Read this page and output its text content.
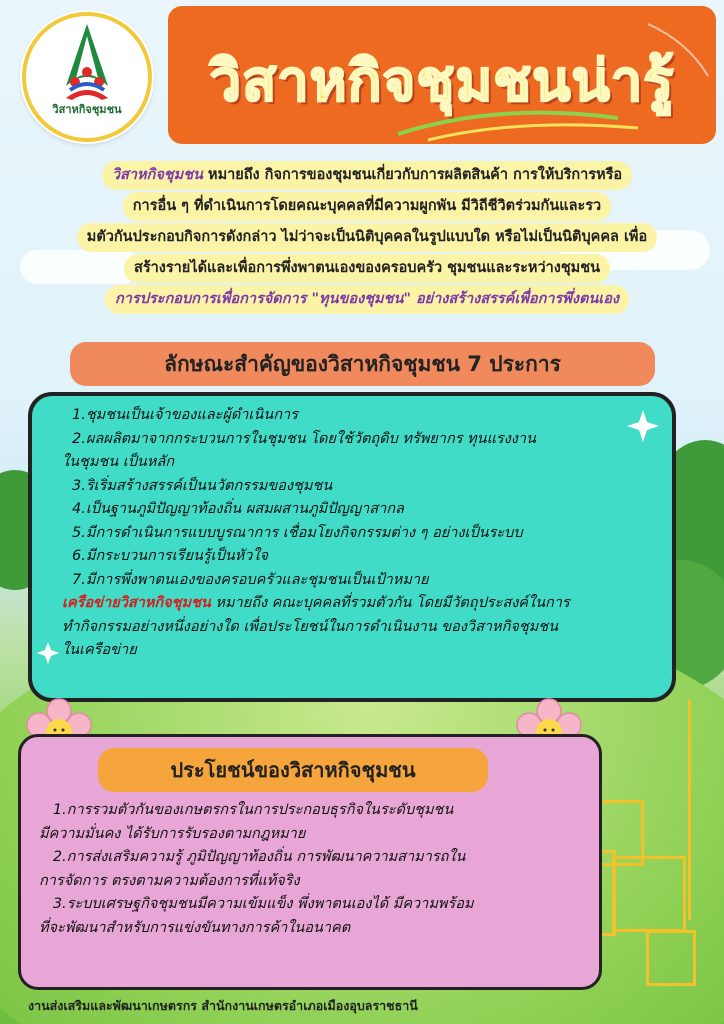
วิสาหกิจชุมชน	วิสาหกิจชุมชนน่ารู้
วิสาหกิจชุมชน หมายถึง กิจการของชุมชนเกี่ยวกับการผลิตสินค้า การให้บริการหรือ
การอื่น ๆ ที่ดำเนินการโดยคณะบุคคลที่มีความผูกพัน มีวิถีชีวิตร่วมกันและรว
มตัวกันประกอบกิจการดังกล่าว ไม่ว่าจะเป็นนิติบุคคลในรูปแบบใด หรือไม่เป็นนิติบุคคล เพื่อ
สร้างรายได้และเพื่อการพึ่งพาตนเองของครอบครัว ชุมชนและระหว่างชุมชน
การประกอบการเพื่อการจัดการ "ทุนของชุมชน" อย่างสร้างสรรค์เพื่อการพึ่งตนเอง
ลักษณะสำคัญของวิสาหกิจชุมชน 7 ประการ
1.ชุมชนเป็นเจ้าของและผู้ดำเนินการ
2.ผลผลิตมาจากกระบวนการในชุมชน โดยใช้วัตถุดิบ ทรัพยากร ทุนแรงงาน
ในชุมชน เป็นหลัก
3.ริเริ่มสร้างสรรค์เป็นนวัตกรรมของชุมชน
4.เป็นฐานภูมิปัญญาท้องถิ่น ผสมผสานภูมิปัญญาสากล
5.มีการดำเนินการแบบบูรณาการ เชื่อมโยงกิจกรรมต่าง ๆ อย่างเป็นระบบ
6.มีกระบวนการเรียนรู้เป็นหัวใจ
7.มีการพึ่งพาตนเองของครอบครัวและชุมชนเป็นเป้าหมาย
เครือข่ายวิสาหกิจชุมชน หมายถึง คณะบุคคลที่รวมตัวกัน โดยมีวัตถุประสงค์ในการ
ทำกิจกรรมอย่างหนึ่งอย่างใด เพื่อประโยชน์ในการดำเนินงาน ของวิสาหกิจชุมชน
ในเครือข่าย
1.การรวมตัวกันของเกษตรกรในการประกอบธุรกิจในระดับชุมชน
มีความมั่นคง ได้รับการรับรองตามกฎหมาย
2.การส่งเสริมความรู้ ภูมิปัญญาท้องถิ่น การพัฒนาความสามารถใน
การจัดการ ตรงตามความต้องการที่แท้จริง
3.ระบบเศรษฐกิจชุมชนมีความเข้มแข็ง พึ่งพาตนเองได้ มีความพร้อม
ที่จะพัฒนาสำหรับการแข่งขันทางการค้าในอนาคต
ประโยชน์ของวิสาหกิจชุมชน
งานส่งเสริมและพัฒนาเกษตรกร สำนักงานเกษตรอำเภอเมืองอุบลราชธานี
